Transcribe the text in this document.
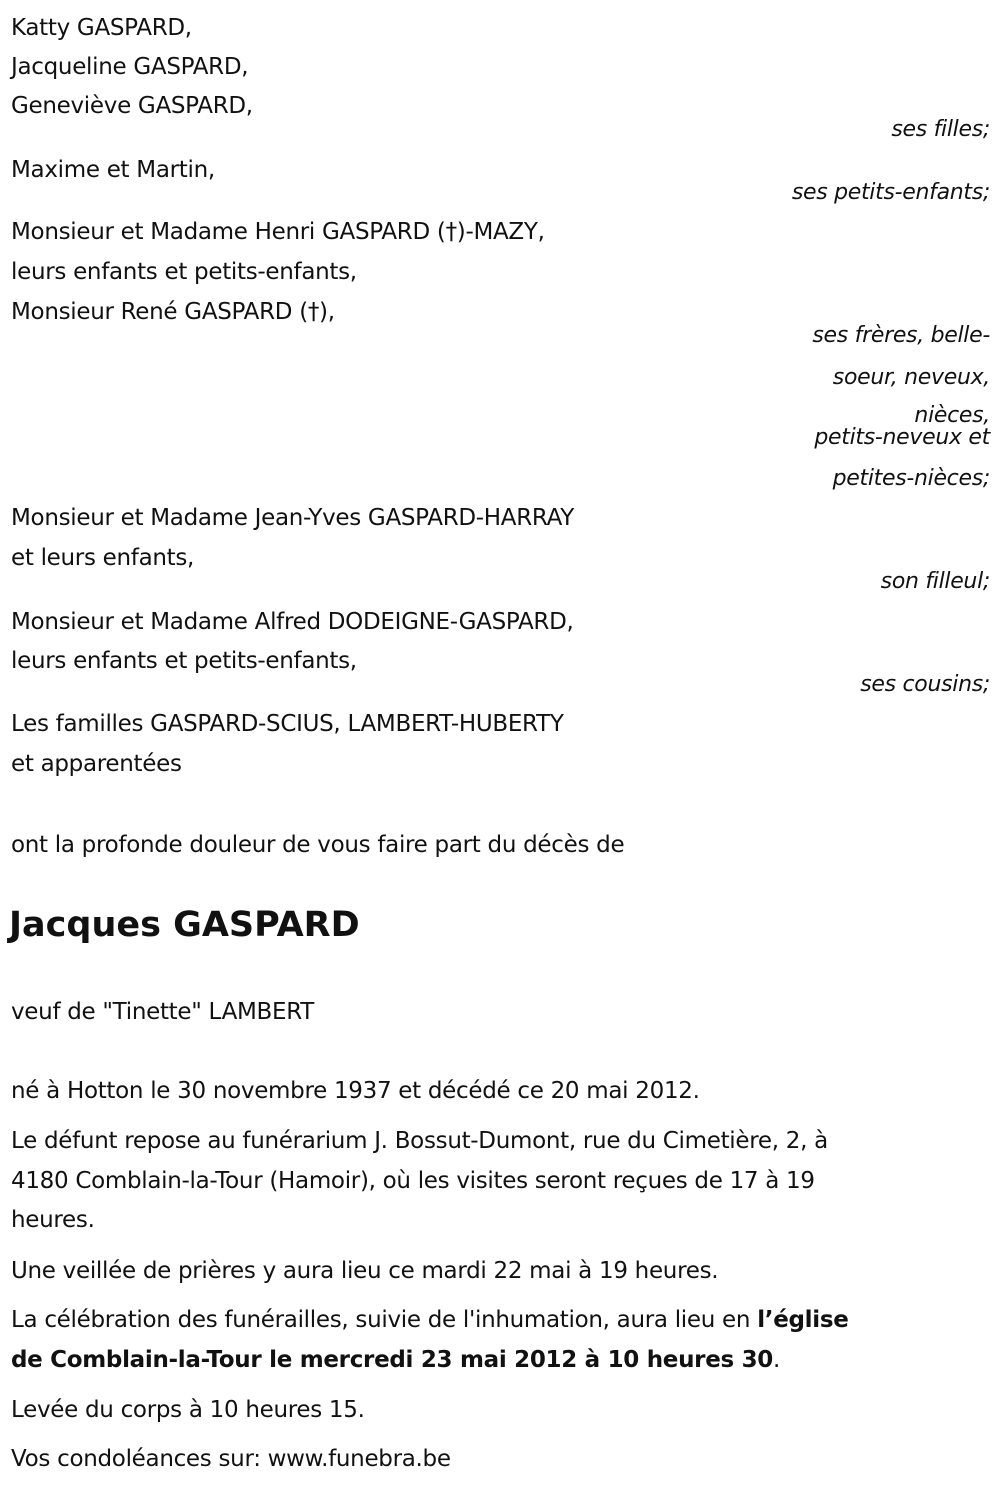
Katty GASPARD,
Jacqueline GASPARD,
Geneviève GASPARD,
ses filles;
Maxime et Martin,
ses petits-enfants;
Monsieur et Madame Henri GASPARD (†)-MAZY,
leurs enfants et petits-enfants,
Monsieur René GASPARD (†),
ses frères, belle-
soeur, neveux,
nièces,
petits-neveux et
petites-nièces;
Monsieur et Madame Jean-Yves GASPARD-HARRAY
et leurs enfants,
son filleul;
Monsieur et Madame Alfred DODEIGNE-GASPARD,
leurs enfants et petits-enfants,
ses cousins;
Les familles GASPARD-SCIUS, LAMBERT-HUBERTY
et apparentées
ont la profonde douleur de vous faire part du décès de
Jacques GASPARD
veuf de "Tinette" LAMBERT
né à Hotton le 30 novembre 1937 et décédé ce 20 mai 2012.
Le défunt repose au funérarium J. Bossut-Dumont, rue du Cimetière, 2, à
4180 Comblain-la-Tour (Hamoir), où les visites seront reçues de 17 à 19
heures.
Une veillée de prières y aura lieu ce mardi 22 mai à 19 heures.
La célébration des funérailles, suivie de l'inhumation, aura lieu en l’église
de Comblain-la-Tour le mercredi 23 mai 2012 à 10 heures 30.
Levée du corps à 10 heures 15.
Vos condoléances sur: www.funebra.be
